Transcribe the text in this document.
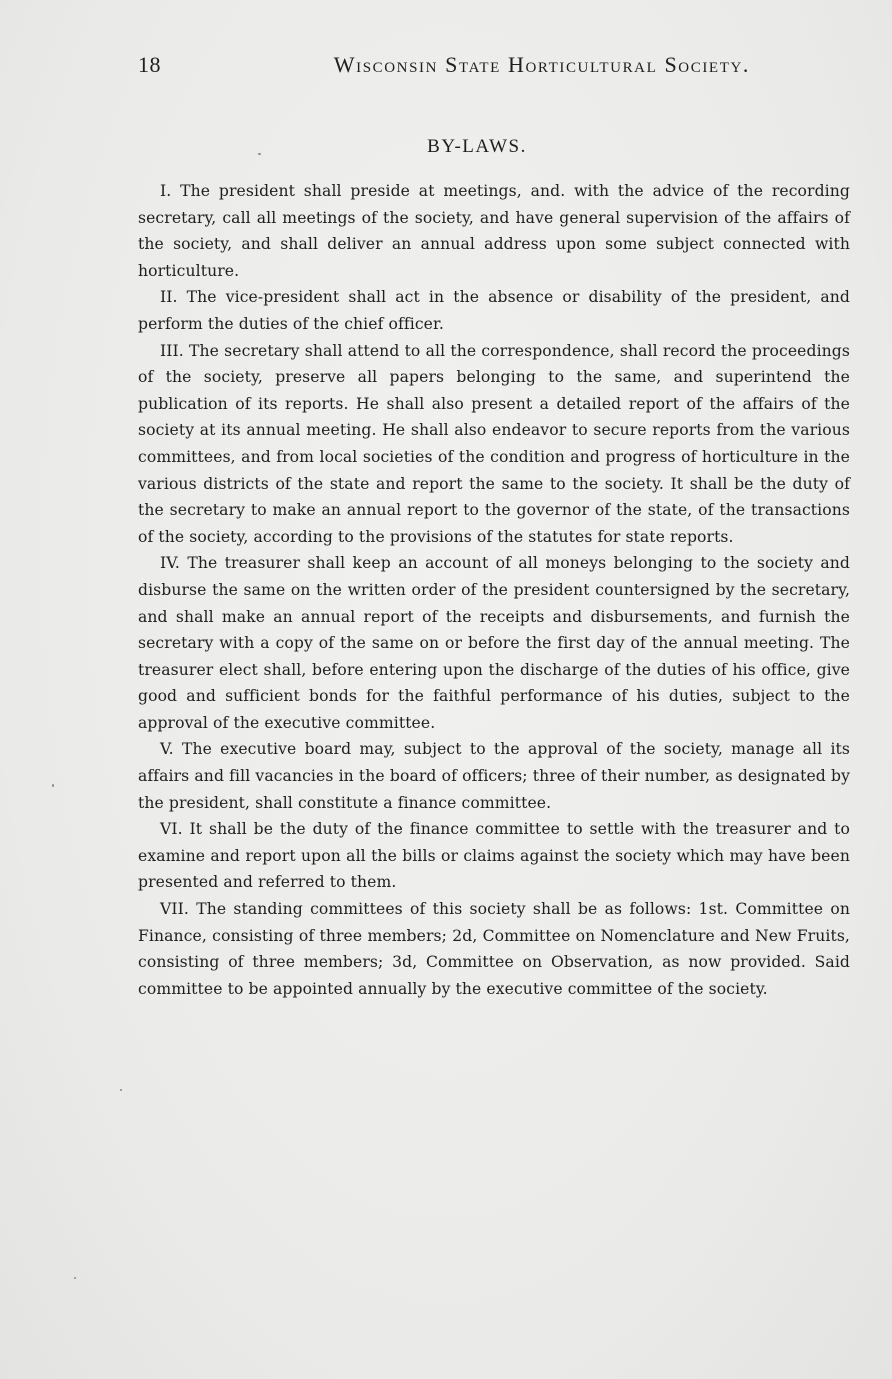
18	Wisconsin State Horticultural Society.
BY-LAWS.

I. The president shall preside at meetings, and. with the advice of the recording secretary, call all meetings of the society, and have general supervision of the affairs of the society, and shall deliver an annual address upon some subject connected with horticulture.

II. The vice-president shall act in the absence or disability of the president, and perform the duties of the chief officer.

III. The secretary shall attend to all the correspondence, shall record the proceedings of the society, preserve all papers belonging to the same, and superintend the publication of its reports. He shall also present a detailed report of the affairs of the society at its annual meeting. He shall also endeavor to secure reports from the various committees, and from local societies of the condition and progress of horticulture in the various districts of the state and report the same to the society. It shall be the duty of the secretary to make an annual report to the governor of the state, of the transactions of the society, according to the provisions of the statutes for state reports.

IV. The treasurer shall keep an account of all moneys belonging to the society and disburse the same on the written order of the president countersigned by the secretary, and shall make an annual report of the receipts and disbursements, and furnish the secretary with a copy of the same on or before the first day of the annual meeting. The treasurer elect shall, before entering upon the discharge of the duties of his office, give good and sufficient bonds for the faithful performance of his duties, subject to the approval of the executive committee.

V. The executive board may, subject to the approval of the society, manage all its affairs and fill vacancies in the board of officers; three of their number, as designated by the president, shall constitute a finance committee.

VI. It shall be the duty of the finance committee to settle with the treasurer and to examine and report upon all the bills or claims against the society which may have been presented and referred to them.

VII. The standing committees of this society shall be as follows: 1st. Committee on Finance, consisting of three members; 2d, Committee on Nomenclature and New Fruits, consisting of three members; 3d, Committee on Observation, as now provided. Said committee to be appointed annually by the executive committee of the society.
